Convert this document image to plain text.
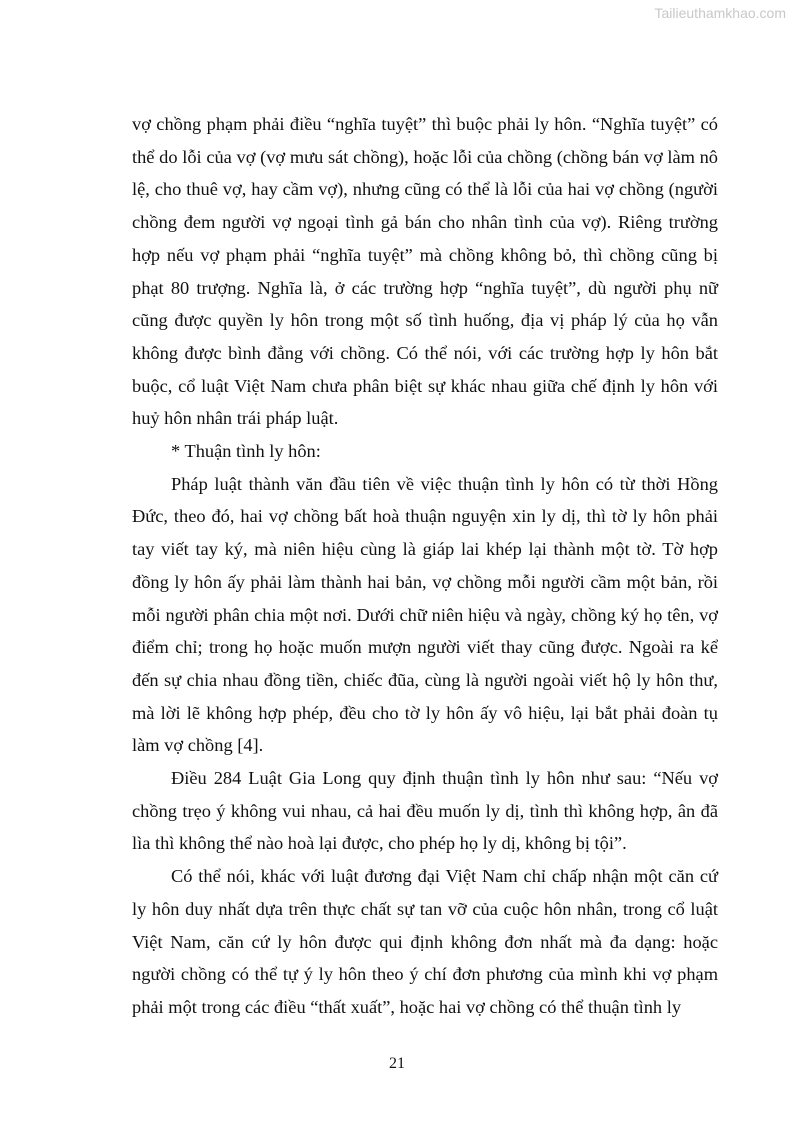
Tailieuthamkhao.com

vợ chồng phạm phải điều “nghĩa tuyệt” thì buộc phải ly hôn. “Nghĩa tuyệt” có thể do lỗi của vợ (vợ mưu sát chồng), hoặc lỗi của chồng (chồng bán vợ làm nô lệ, cho thuê vợ, hay cầm vợ), nhưng cũng có thể là lỗi của hai vợ chồng (người chồng đem người vợ ngoại tình gả bán cho nhân tình của vợ). Riêng trường hợp nếu vợ phạm phải “nghĩa tuyệt” mà chồng không bỏ, thì chồng cũng bị phạt 80 trượng. Nghĩa là, ở các trường hợp “nghĩa tuyệt”, dù người phụ nữ cũng được quyền ly hôn trong một số tình huống, địa vị pháp lý của họ vẫn không được bình đẳng với chồng. Có thể nói, với các trường hợp ly hôn bắt buộc, cổ luật Việt Nam chưa phân biệt sự khác nhau giữa chế định ly hôn với huỷ hôn nhân trái pháp luật.

* Thuận tình ly hôn:

Pháp luật thành văn đầu tiên về việc thuận tình ly hôn có từ thời Hồng Đức, theo đó, hai vợ chồng bất hoà thuận nguyện xin ly dị, thì tờ ly hôn phải tay viết tay ký, mà niên hiệu cùng là giáp lai khép lại thành một tờ. Tờ hợp đồng ly hôn ấy phải làm thành hai bản, vợ chồng mỗi người cầm một bản, rồi mỗi người phân chia một nơi. Dưới chữ niên hiệu và ngày, chồng ký họ tên, vợ điểm chỉ; trong họ hoặc muốn mượn người viết thay cũng được. Ngoài ra kể đến sự chia nhau đồng tiền, chiếc đũa, cùng là người ngoài viết hộ ly hôn thư, mà lời lẽ không hợp phép, đều cho tờ ly hôn ấy vô hiệu, lại bắt phải đoàn tụ làm vợ chồng [4].

Điều 284 Luật Gia Long quy định thuận tình ly hôn như sau: “Nếu vợ chồng trẹo ý không vui nhau, cả hai đều muốn ly dị, tình thì không hợp, ân đã lìa thì không thể nào hoà lại được, cho phép họ ly dị, không bị tội”.

Có thể nói, khác với luật đương đại Việt Nam chỉ chấp nhận một căn cứ ly hôn duy nhất dựa trên thực chất sự tan vỡ của cuộc hôn nhân, trong cổ luật Việt Nam, căn cứ ly hôn được qui định không đơn nhất mà đa dạng: hoặc người chồng có thể tự ý ly hôn theo ý chí đơn phương của mình khi vợ phạm phải một trong các điều “thất xuất”, hoặc hai vợ chồng có thể thuận tình ly

21
